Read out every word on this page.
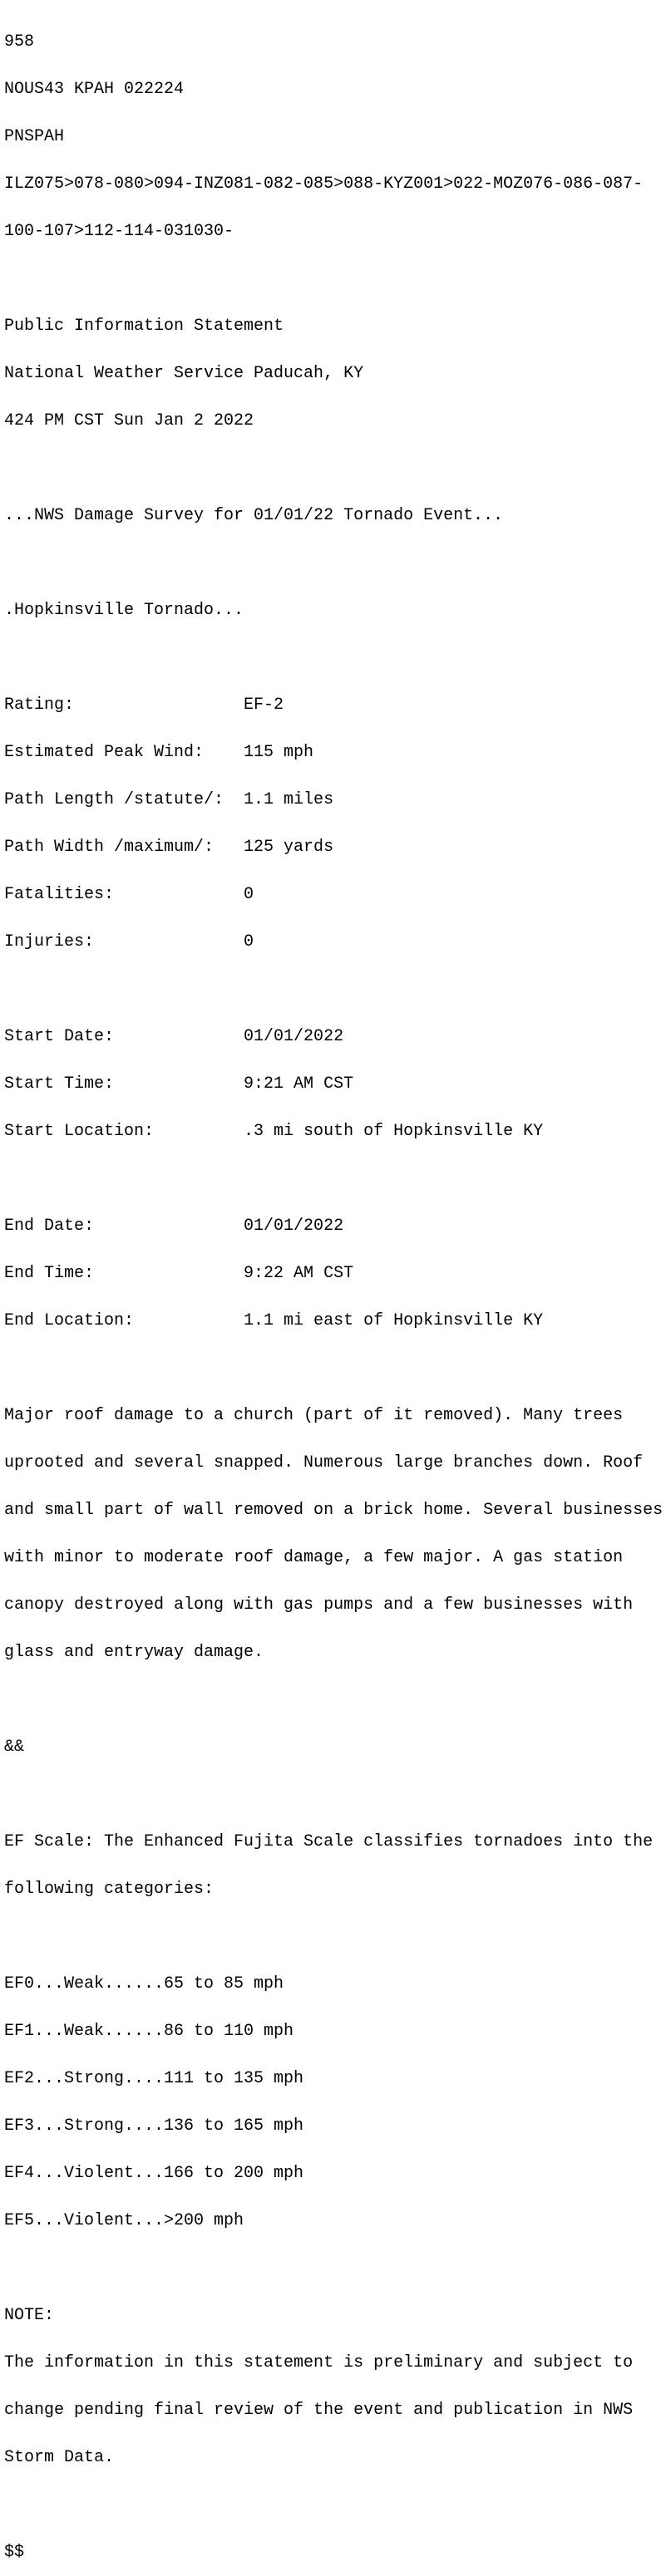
958

NOUS43 KPAH 022224

PNSPAH

ILZ075>078-080>094-INZ081-082-085>088-KYZ001>022-MOZ076-086-087-

100-107>112-114-031030-

Public Information Statement

National Weather Service Paducah, KY

424 PM CST Sun Jan 2 2022

...NWS Damage Survey for 01/01/22 Tornado Event...

.Hopkinsville Tornado...

Rating:                 EF-2

Estimated Peak Wind:    115 mph

Path Length /statute/:  1.1 miles

Path Width /maximum/:   125 yards

Fatalities:             0

Injuries:               0

Start Date:             01/01/2022

Start Time:             9:21 AM CST

Start Location:         .3 mi south of Hopkinsville KY

End Date:               01/01/2022

End Time:               9:22 AM CST

End Location:           1.1 mi east of Hopkinsville KY

Major roof damage to a church (part of it removed). Many trees

uprooted and several snapped. Numerous large branches down. Roof

and small part of wall removed on a brick home. Several businesses

with minor to moderate roof damage, a few major. A gas station

canopy destroyed along with gas pumps and a few businesses with

glass and entryway damage.

&&

EF Scale: The Enhanced Fujita Scale classifies tornadoes into the

following categories:

EF0...Weak......65 to 85 mph

EF1...Weak......86 to 110 mph

EF2...Strong....111 to 135 mph

EF3...Strong....136 to 165 mph

EF4...Violent...166 to 200 mph

EF5...Violent...>200 mph

NOTE:

The information in this statement is preliminary and subject to

change pending final review of the event and publication in NWS

Storm Data.

$$
